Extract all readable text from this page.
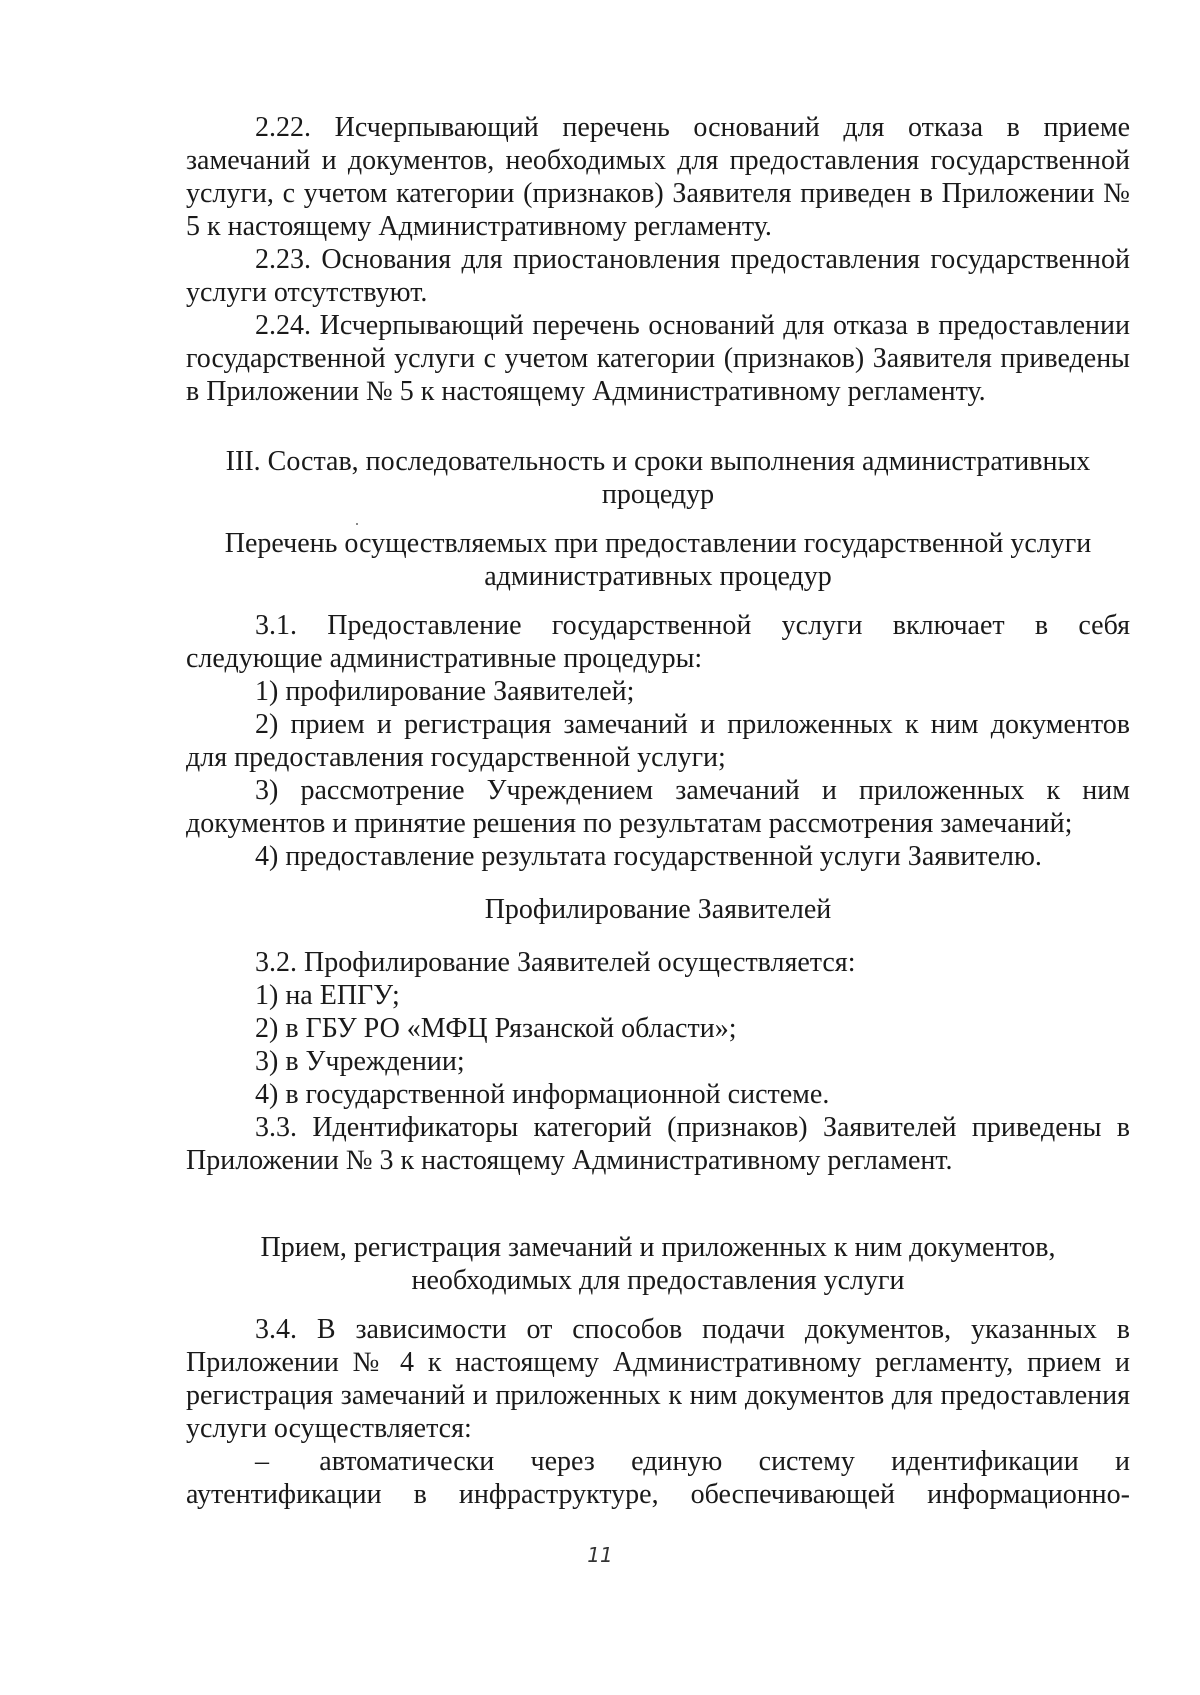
2.22. Исчерпывающий перечень оснований для отказа в приеме замечаний и документов, необходимых для предоставления государственной услуги, с учетом категории (признаков) Заявителя приведен в Приложении № 5 к настоящему Административному регламенту.

2.23. Основания для приостановления предоставления государственной услуги отсутствуют.

2.24. Исчерпывающий перечень оснований для отказа в предоставлении государственной услуги с учетом категории (признаков) Заявителя приведены в Приложении № 5 к настоящему Административному регламенту.

III. Состав, последовательность и сроки выполнения административных
процедур
Перечень осуществляемых при предоставлении государственной услуги
административных процедур

3.1. Предоставление государственной услуги включает в себя следующие административные процедуры:

1) профилирование Заявителей;

2) прием и регистрация замечаний и приложенных к ним документов для предоставления государственной услуги;

3) рассмотрение Учреждением замечаний и приложенных к ним документов и принятие решения по результатам рассмотрения замечаний;

4) предоставление результата государственной услуги Заявителю.

Профилирование Заявителей

3.2. Профилирование Заявителей осуществляется:

1) на ЕПГУ;

2) в ГБУ РО «МФЦ Рязанской области»;

3) в Учреждении;

4) в государственной информационной системе.

3.3. Идентификаторы категорий (признаков) Заявителей приведены в Приложении № 3 к настоящему Административному регламент.

Прием, регистрация замечаний и приложенных к ним документов,
необходимых для предоставления услуги

3.4. В зависимости от способов подачи документов, указанных в Приложении № 4 к настоящему Административному регламенту, прием и регистрация замечаний и приложенных к ним документов для предоставления услуги осуществляется:

– автоматически через единую систему идентификации и

аутентификации в инфраструктуре, обеспечивающей информационно-

11
